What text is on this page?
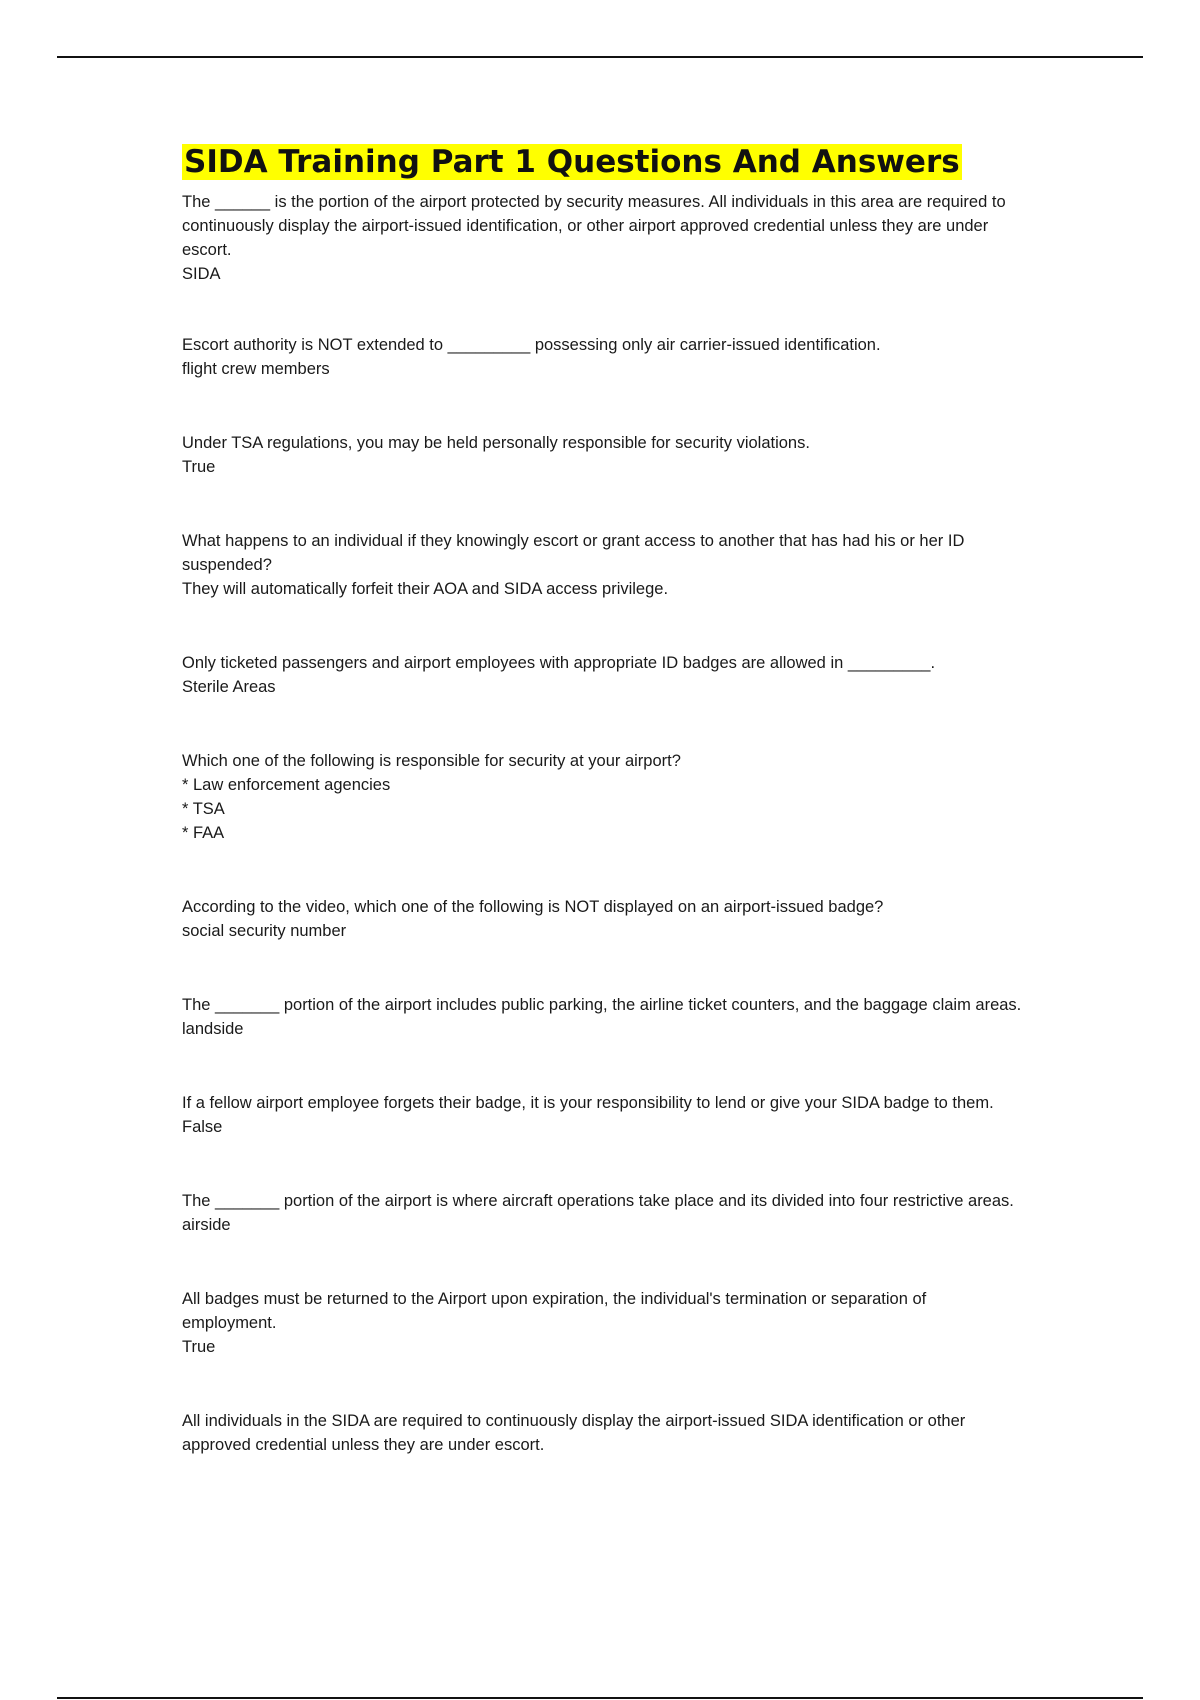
SIDA Training Part 1 Questions And Answers

The ______ is the portion of the airport protected by security measures. All individuals in this area are required to continuously display the airport-issued identification, or other airport approved credential unless they are under escort.

SIDA

Escort authority is NOT extended to _________ possessing only air carrier-issued identification.

flight crew members

Under TSA regulations, you may be held personally responsible for security violations.

True

What happens to an individual if they knowingly escort or grant access to another that has had his or her ID suspended?

They will automatically forfeit their AOA and SIDA access privilege.

Only ticketed passengers and airport employees with appropriate ID badges are allowed in _________.

Sterile Areas

Which one of the following is responsible for security at your airport?

* Law enforcement agencies

* TSA

* FAA

According to the video, which one of the following is NOT displayed on an airport-issued badge?

social security number

The _______ portion of the airport includes public parking, the airline ticket counters, and the baggage claim areas.

landside

If a fellow airport employee forgets their badge, it is your responsibility to lend or give your SIDA badge to them.

False

The _______ portion of the airport is where aircraft operations take place and its divided into four restrictive areas.

airside

All badges must be returned to the Airport upon expiration, the individual's termination or separation of employment.

True

All individuals in the SIDA are required to continuously display the airport-issued SIDA identification or other approved credential unless they are under escort.
